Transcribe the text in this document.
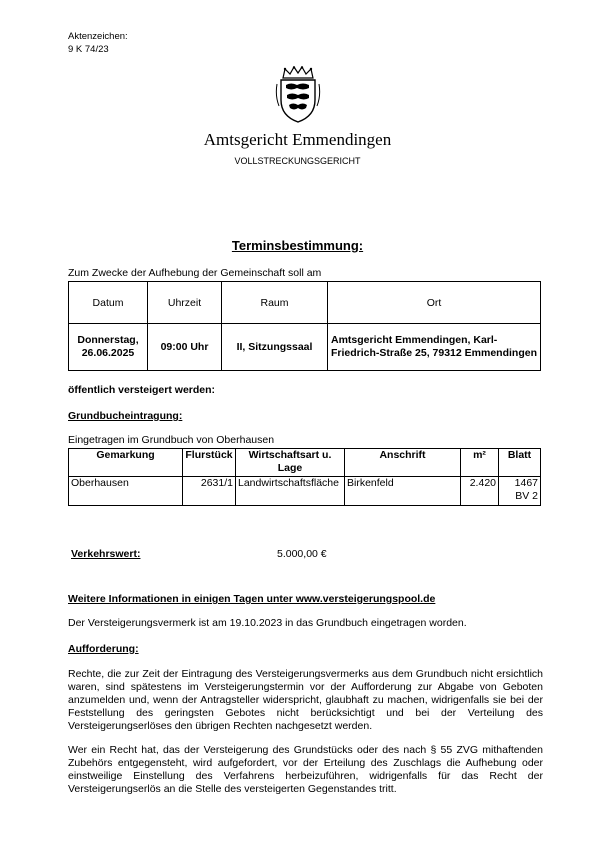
Aktenzeichen:
9 K 74/23
Amtsgericht Emmendingen
VOLLSTRECKUNGSGERICHT
Terminsbestimmung:
Zum Zwecke der Aufhebung der Gemeinschaft soll am
Datum	Uhrzeit	Raum	Ort

Donnerstag,
26.06.2025	09:00 Uhr	II, Sitzungssaal	Amtsgericht Emmendingen, Karl-Friedrich-Straße 25, 79312 Emmendingen
öffentlich versteigert werden:
Grundbucheintragung:
Eingetragen im Grundbuch von Oberhausen
Gemarkung	Flurstück	Wirtschaftsart u. Lage	Anschrift	m²	Blatt
Oberhausen	2631/1	Landwirtschaftsfläche	Birkenfeld	2.420	1467
BV 2
Verkehrswert:	5.000,00 €
Weitere Informationen in einigen Tagen unter www.versteigerungspool.de
Der Versteigerungsvermerk ist am 19.10.2023 in das Grundbuch eingetragen worden.
Aufforderung:
Rechte, die zur Zeit der Eintragung des Versteigerungsvermerks aus dem Grundbuch nicht ersichtlich waren, sind spätestens im Versteigerungstermin vor der Aufforderung zur Abgabe von Geboten anzumelden und, wenn der Antragsteller widerspricht, glaubhaft zu machen, widrigenfalls sie bei der Feststellung des geringsten Gebotes nicht berücksichtigt und bei der Verteilung des Versteigerungserlöses den übrigen Rechten nachgesetzt werden.
Wer ein Recht hat, das der Versteigerung des Grundstücks oder des nach § 55 ZVG mithaftenden Zubehörs entgegensteht, wird aufgefordert, vor der Erteilung des Zuschlags die Aufhebung oder einstweilige Einstellung des Verfahrens herbeizuführen, widrigenfalls für das Recht der Versteigerungserlös an die Stelle des versteigerten Gegenstandes tritt.
